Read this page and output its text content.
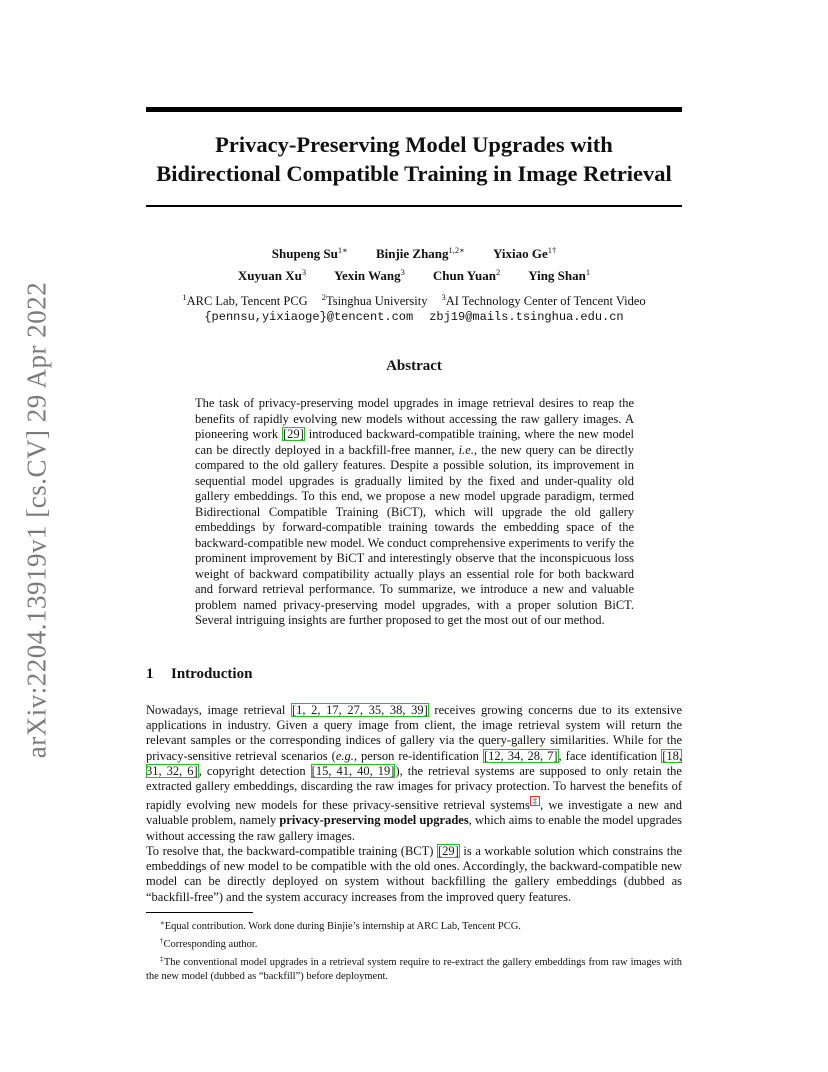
arXiv:2204.13919v1 [cs.CV] 29 Apr 2022
Privacy-Preserving Model Upgrades with
Bidirectional Compatible Training in Image Retrieval
Shupeng $Su^{1∗}$ Binjie Zhang$^{1,2∗}$ Yixiao $Ge^{1\dagger}$
Xuyuan Xu$^3$ Yexin Wang$^3$ Chun Yuan$^2$ Ying Shan$^1$
$^1$ARC Lab, Tencent PCG $^2$Tsinghua University $^3$AI Technology Center of Tencent Video
{pennsu,yixiaoge}@tencent.com zbj19@mails.tsinghua.edu.cn
Abstract

The task of privacy-preserving model upgrades in image retrieval desires to reap the benefits of rapidly evolving new models without accessing the raw gallery images. A pioneering work [29] introduced backward-compatible training, where the new model can be directly deployed in a backfill-free manner, i.e., the new query can be directly compared to the old gallery features. Despite a possible solution, its improvement in sequential model upgrades is gradually limited by the fixed and under-quality old gallery embeddings. To this end, we propose a new model upgrade paradigm, termed Bidirectional Compatible Training (BiCT), which will upgrade the old gallery embeddings by forward-compatible training towards the embedding space of the backward-compatible new model. We conduct comprehensive experiments to verify the prominent improvement by BiCT and interestingly observe that the inconspicuous loss weight of backward compatibility actually plays an essential role for both backward and forward retrieval performance. To summarize, we introduce a new and valuable problem named privacy-preserving model upgrades, with a proper solution BiCT. Several intriguing insights are further proposed to get the most out of our method.

1 Introduction

Nowadays, image retrieval [1, 2, 17, 27, 35, 38, 39] receives growing concerns due to its extensive applications in industry. Given a query image from client, the image retrieval system will return the relevant samples or the corresponding indices of gallery via the query-gallery similarities. While for the privacy-sensitive retrieval scenarios (e.g., person re-identification [12, 34, 28, 7], face identification [18, 31, 32, 6], copyright detection [15, 41, 40, 19]), the retrieval systems are supposed to only retain the extracted gallery embeddings, discarding the raw images for privacy protection. To harvest the benefits of rapidly evolving new models for these privacy-sensitive retrieval systems‡, we investigate a new and valuable problem, namely privacy-preserving model upgrades, which aims to enable the model upgrades without accessing the raw gallery images.

To resolve that, the backward-compatible training (BCT) [29] is a workable solution which constrains the embeddings of new model to be compatible with the old ones. Accordingly, the backward-compatible new model can be directly deployed on system without backfilling the gallery embeddings (dubbed as “backfill-free”) and the system accuracy increases from the improved query features.

∗Equal contribution. Work done during Binjie’s internship at ARC Lab, Tencent PCG.

†Corresponding author.

‡The conventional model upgrades in a retrieval system require to re-extract the gallery embeddings from raw images with the new model (dubbed as “backfill”) before deployment.
